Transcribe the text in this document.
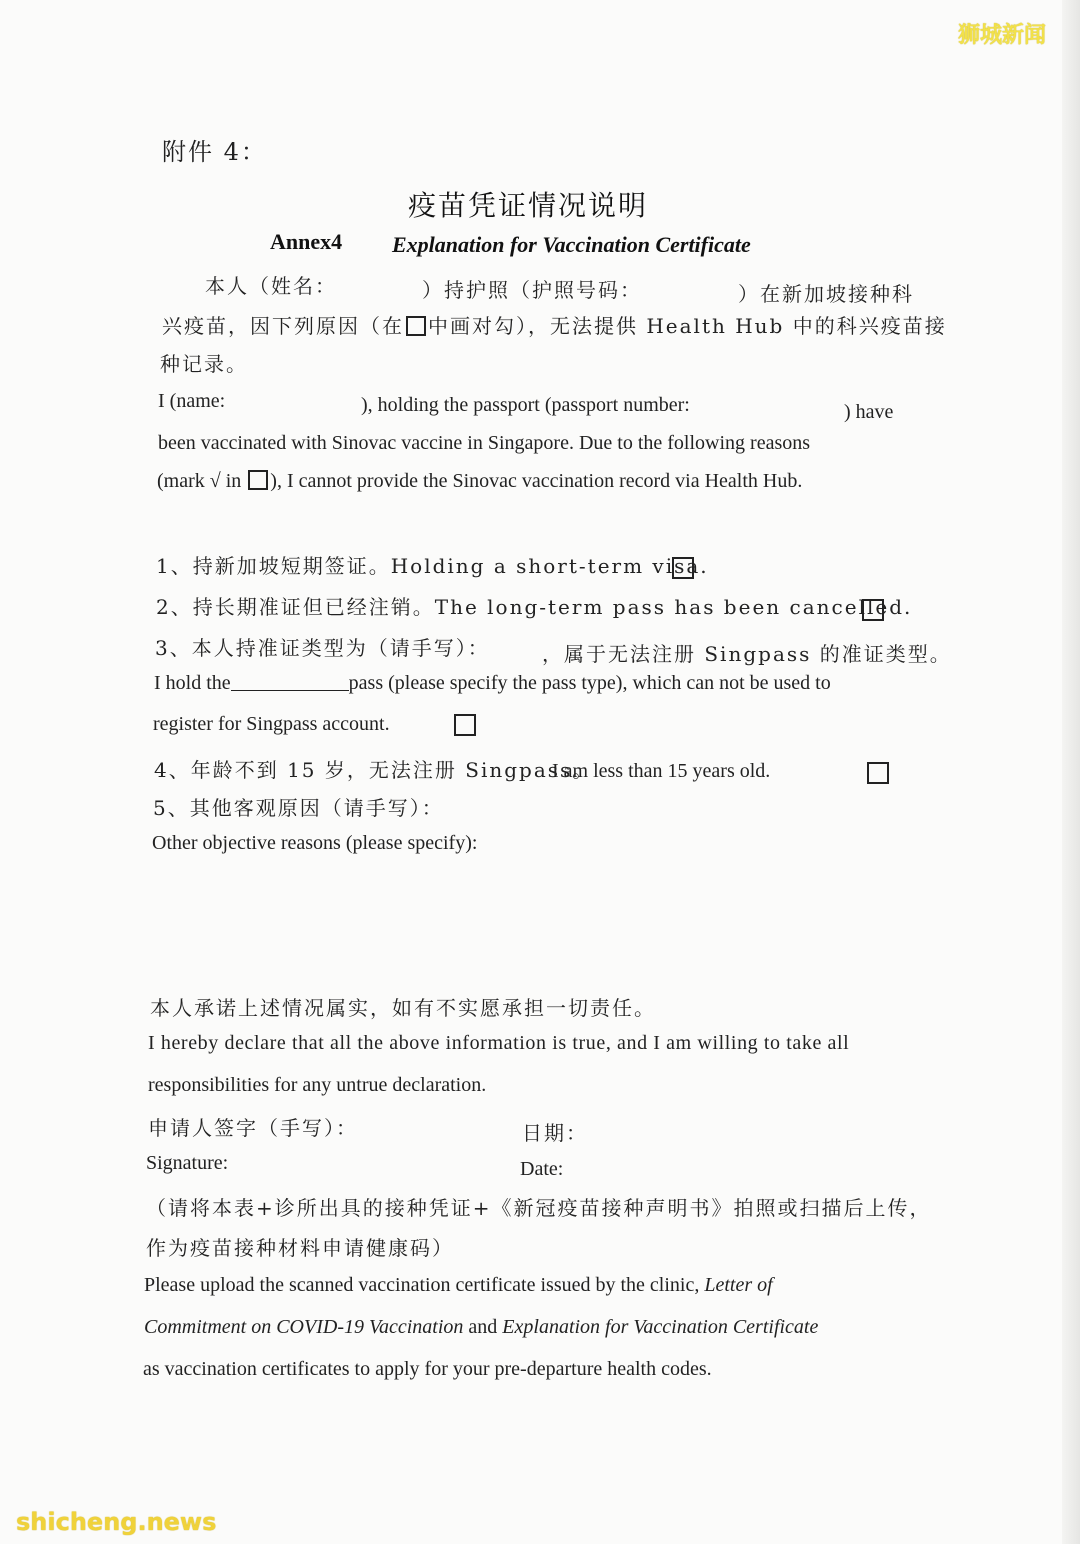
狮城新闻
shicheng.news
附件 4：
疫苗凭证情况说明
Annex4 Explanation for Vaccination Certificate
本人（姓名：	）持护照（护照号码：	）在新加坡接种科
兴疫苗，因下列原因（在 中画对勾），无法提供 Health Hub 中的科兴疫苗接
种记录。
I (name:	), holding the passport (passport number:	) have
been vaccinated with Sinovac vaccine in Singapore. Due to the following reasons
(mark √ in ), I cannot provide the Sinovac vaccination record via Health Hub.
1、持新加坡短期签证。Holding a short-term visa.
2、持长期准证但已经注销。The long-term pass has been cancelled.
3、本人持准证类型为（请手写）：	，属于无法注册 Singpass 的准证类型。
I hold the	pass (please specify the pass type), which can not be used to
register for Singpass account.
4、年龄不到 15 岁，无法注册 Singpass。
I am less than 15 years old.
5、其他客观原因（请手写）：
Other objective reasons (please specify):
本人承诺上述情况属实，如有不实愿承担一切责任。
I hereby declare that all the above information is true, and I am willing to take all
responsibilities for any untrue declaration.
申请人签字（手写）：	日期：
Signature:	Date:
（请将本表+诊所出具的接种凭证+《新冠疫苗接种声明书》拍照或扫描后上传，
作为疫苗接种材料申请健康码）
Please upload the scanned vaccination certificate issued by the clinic, Letter of
Commitment on COVID-19 Vaccination and Explanation for Vaccination Certificate
as vaccination certificates to apply for your pre-departure health codes.
